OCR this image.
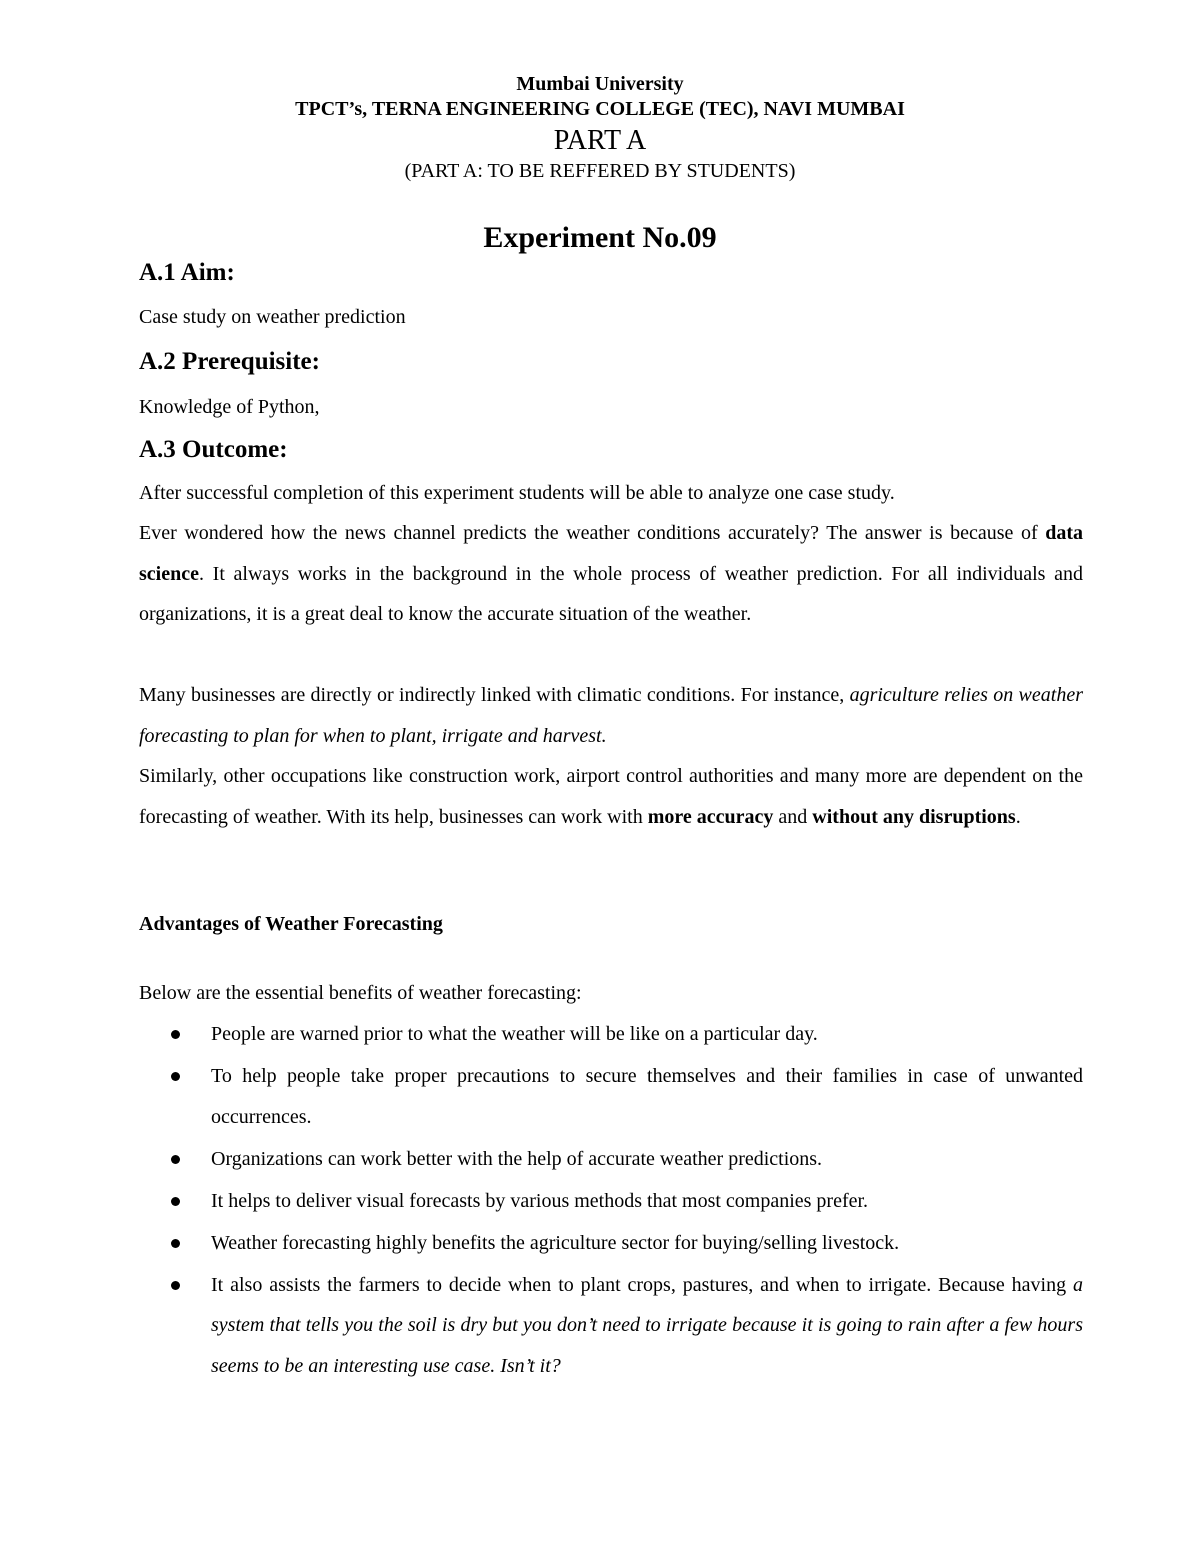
Mumbai University
TPCT’s, TERNA ENGINEERING COLLEGE (TEC), NAVI MUMBAI
PART A
(PART A: TO BE REFFERED BY STUDENTS)
Experiment No.09
A.1 Aim:
Case study on weather prediction
A.2 Prerequisite:
Knowledge of Python,
A.3 Outcome:
After successful completion of this experiment students will be able to analyze one case study.
Ever wondered how the news channel predicts the weather conditions accurately? The answer is because of data science. It always works in the background in the whole process of weather prediction. For all individuals and organizations, it is a great deal to know the accurate situation of the weather.
Many businesses are directly or indirectly linked with climatic conditions. For instance, agriculture relies on weather forecasting to plan for when to plant, irrigate and harvest.
Similarly, other occupations like construction work, airport control authorities and many more are dependent on the forecasting of weather. With its help, businesses can work with more accuracy and without any disruptions.
Advantages of Weather Forecasting
Below are the essential benefits of weather forecasting:
People are warned prior to what the weather will be like on a particular day.
To help people take proper precautions to secure themselves and their families in case of unwanted occurrences.
Organizations can work better with the help of accurate weather predictions.
It helps to deliver visual forecasts by various methods that most companies prefer.
Weather forecasting highly benefits the agriculture sector for buying/selling livestock.
It also assists the farmers to decide when to plant crops, pastures, and when to irrigate. Because having a system that tells you the soil is dry but you don’t need to irrigate because it is going to rain after a few hours seems to be an interesting use case. Isn’t it?
